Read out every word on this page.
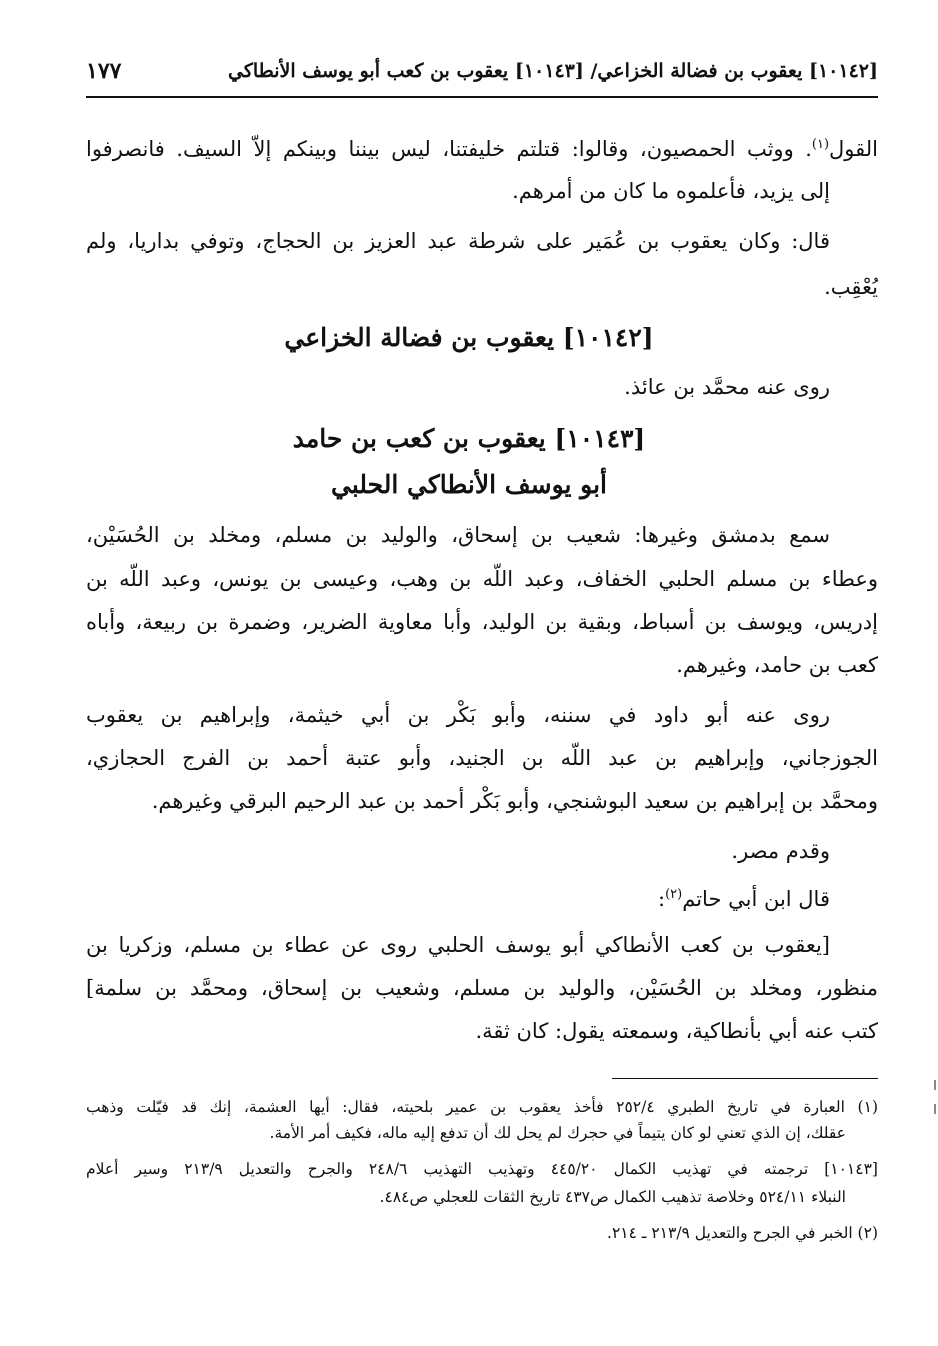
[١٠١٤٢] يعقوب بن فضالة الخزاعي/ [١٠١٤٣] يعقوب بن كعب أبو يوسف الأنطاكي
١٧٧
القول$^{(١)}$. ووثب الحمصيون، وقالوا: قتلتم خليفتنا، ليس بيننا وبينكم إلاّ السيف. فانصرفوا
إلى يزيد، فأعلموه ما كان من أمرهم.
قال: وكان يعقوب بن عُمَير على شرطة عبد العزيز بن الحجاج، وتوفي بداريا، ولم
يُعْقِب.
[١٠١٤٢] يعقوب بن فضالة الخزاعي
روى عنه محمَّد بن عائذ.
[١٠١٤٣] يعقوب بن كعب بن حامد
أبو يوسف الأنطاكي الحلبي
سمع بدمشق وغيرها: شعيب بن إسحاق، والوليد بن مسلم، ومخلد بن الحُسَيْن،
وعطاء بن مسلم الحلبي الخفاف، وعبد اللّه بن وهب، وعيسى بن يونس، وعبد اللّه بن
إدريس، ويوسف بن أسباط، وبقية بن الوليد، وأبا معاوية الضرير، وضمرة بن ربيعة، وأباه
كعب بن حامد، وغيرهم.
روى عنه أبو داود في سننه، وأبو بَكْر بن أبي خيثمة، وإبراهيم بن يعقوب
الجوزجاني، وإبراهيم بن عبد اللّه بن الجنيد، وأبو عتبة أحمد بن الفرج الحجازي،
ومحمَّد بن إبراهيم بن سعيد البوشنجي، وأبو بَكْر أحمد بن عبد الرحيم البرقي وغيرهم.
وقدم مصر.
قال ابن أبي حاتم$^{(٢)}$:
[يعقوب بن كعب الأنطاكي أبو يوسف الحلبي روى عن عطاء بن مسلم، وزكريا بن
منظور، ومخلد بن الحُسَيْن، والوليد بن مسلم، وشعيب بن إسحاق، ومحمَّد بن سلمة]
كتب عنه أبي بأنطاكية، وسمعته يقول: كان ثقة.
(١) العبارة في تاريخ الطبري ٢٥٢/٤ فأخذ يعقوب بن عمير بلحيته، فقال: أيها العشمة، إنك قد فيّلت وذهب
عقلك، إن الذي تعني لو كان يتيماً في حجرك لم يحل لك أن تدفع إليه ماله، فكيف أمر الأمة.
[١٠١٤٣] ترجمته في تهذيب الكمال ٤٤٥/٢٠ وتهذيب التهذيب ٢٤٨/٦ والجرح والتعديل ٢١٣/٩ وسير أعلام
النبلاء ٥٢٤/١١ وخلاصة تذهيب الكمال ص٤٣٧ تاريخ الثقات للعجلي ص٤٨٤.
(٢) الخبر في الجرح والتعديل ٢١٣/٩ ـ ٢١٤.
